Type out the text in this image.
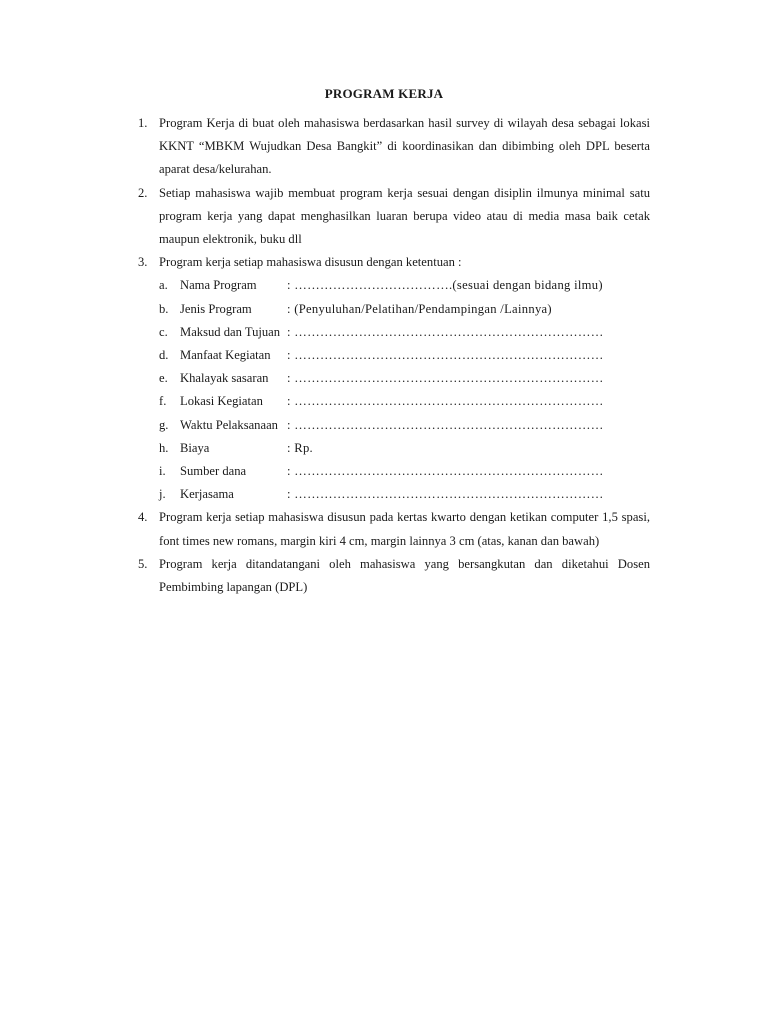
PROGRAM KERJA
1. Program Kerja di buat oleh mahasiswa berdasarkan hasil survey di wilayah desa sebagai lokasi KKNT “MBKM Wujudkan Desa Bangkit” di koordinasikan dan dibimbing oleh DPL beserta aparat desa/kelurahan.
2. Setiap mahasiswa wajib membuat program kerja sesuai dengan disiplin ilmunya minimal satu program kerja yang dapat menghasilkan luaran berupa video atau di media masa baik cetak maupun elektronik, buku dll
3. Program kerja setiap mahasiswa disusun dengan ketentuan :
a. Nama Program : ……………………………….(sesuai dengan bidang ilmu)
b. Jenis Program	: (Penyuluhan/Pelatihan/Pendampingan /Lainnya)
c. Maksud dan Tujuan : ………………………………………………………………
d. Manfaat Kegiatan : ………………………………………………………………
e. Khalayak sasaran : ………………………………………………………………
f. Lokasi Kegiatan : ………………………………………………………………
g. Waktu Pelaksanaan : ………………………………………………………………
h. Biaya	: Rp.
i. Sumber dana	: ………………………………………………………………
j. Kerjasama	: ………………………………………………………………
4. Program kerja setiap mahasiswa disusun pada kertas kwarto dengan ketikan computer 1,5 spasi, font times new romans, margin kiri 4 cm, margin lainnya 3 cm (atas, kanan dan bawah)
5. Program kerja ditandatangani oleh mahasiswa yang bersangkutan dan diketahui Dosen Pembimbing lapangan (DPL)
